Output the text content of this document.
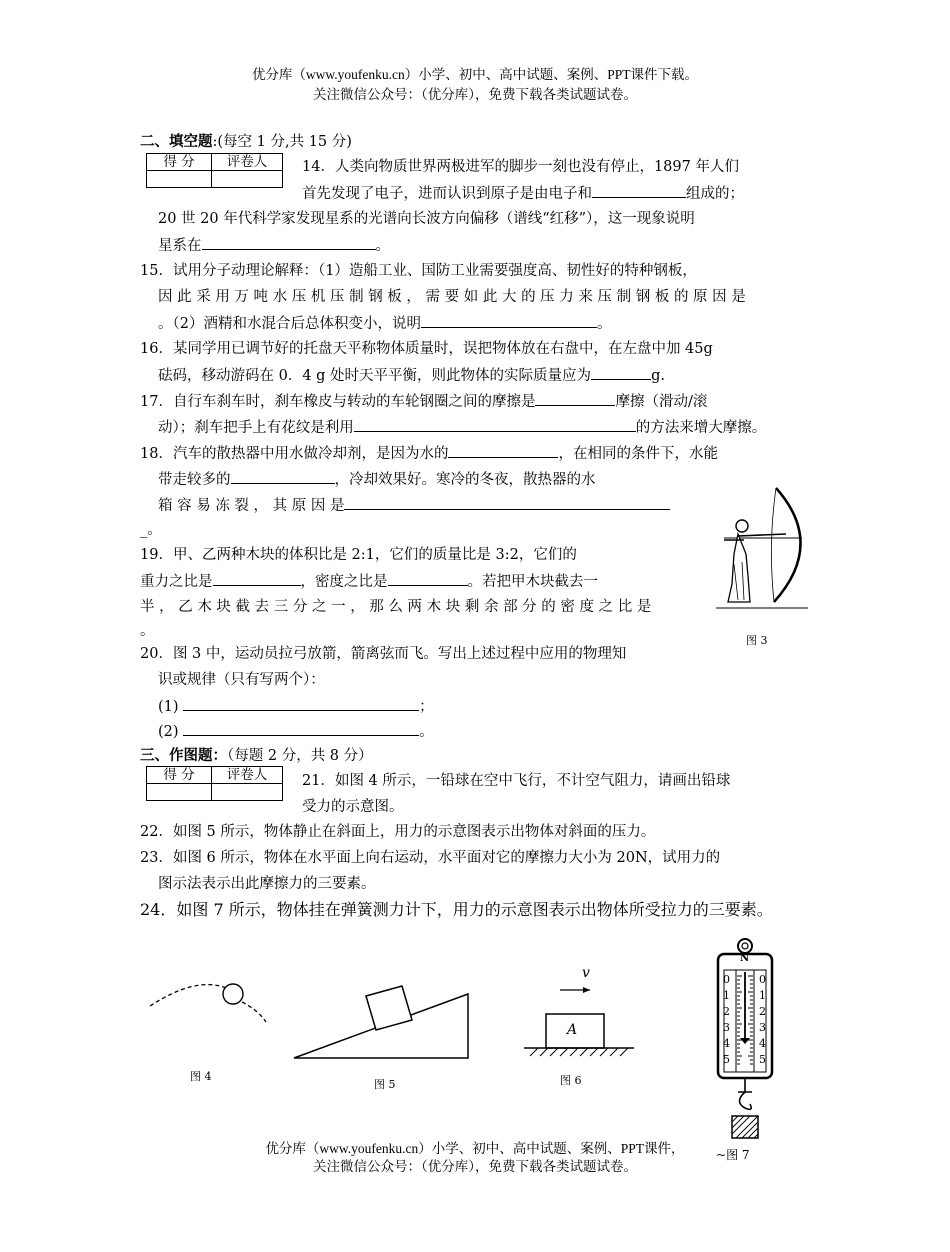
优分库（www.youfenku.cn）小学、初中、高中试题、案例、PPT课件下载。
关注微信公众号：（优分库），免费下载各类试题试卷。
二、填空题:(每空 1 分,共 15 分)
得 分	评卷人
	14．人类向物质世界两极进军的脚步一刻也没有停止，1897 年人们
首先发现了电子，进而认识到原子是由电子和	组成的；
20 世 20 年代科学家发现星系的光谱向长波方向偏移（谱线“红移”），这一现象说明
星系在	。
15．试用分子动理论解释：（1）造船工业、国防工业需要强度高、韧性好的特种钢板，
因 此 采 用 万 吨 水 压 机 压 制 钢 板 ， 需 要 如 此 大 的 压 力 来 压 制 钢 板 的 原 因 是
。（2）酒精和水混合后总体积变小，说明	。
16．某同学用已调节好的托盘天平称物体质量时，误把物体放在右盘中，在左盘中加 45g
砝码，移动游码在 0．4 g 处时天平平衡，则此物体的实际质量应为	g.
17．自行车刹车时，刹车橡皮与转动的车轮钢圈之间的摩擦是	摩擦（滑动/滚
动）；刹车把手上有花纹是利用	的方法来增大摩擦。
18．汽车的散热器中用水做冷却剂，是因为水的	，在相同的条件下，水能
带走较多的	，冷却效果好。寒冷的冬夜，散热器的水
箱 容 易 冻 裂 ， 其 原 因 是
_。
19．甲、乙两种木块的体积比是 2:1，它们的质量比是 3:2，它们的
重力之比是	，密度之比是	。若把甲木块截去一
半 ， 乙 木 块 截 去 三 分 之 一 ， 那 么 两 木 块 剩 余 部 分 的 密 度 之 比 是
。
20．图 3 中，运动员拉弓放箭，箭离弦而飞。写出上述过程中应用的物理知
识或规律（只有写两个）：
(1)	；
(2)	。
图 3
三、作图题：（每题 2 分，共 8 分）
得 分	评卷人
	21．如图 4 所示，一铅球在空中飞行，不计空气阻力，请画出铅球
受力的示意图。
22．如图 5 所示，物体静止在斜面上，用力的示意图表示出物体对斜面的压力。
23．如图 6 所示，物体在水平面上向右运动，水平面对它的摩擦力大小为 20N，试用力的
图示法表示出此摩擦力的三要素。
24．如图 7 所示，物体挂在弹簧测力计下，用力的示意图表示出物体所受拉力的三要素。
图 4
图 5
v
A
图 6
N
0
1
2
3
4
5
0
1
2
3
4
5
优分库（www.youfenku.cn）小学、初中、高中试题、案例、PPT课件，
关注微信公众号：（优分库），免费下载各类试题试卷。
~图 7
